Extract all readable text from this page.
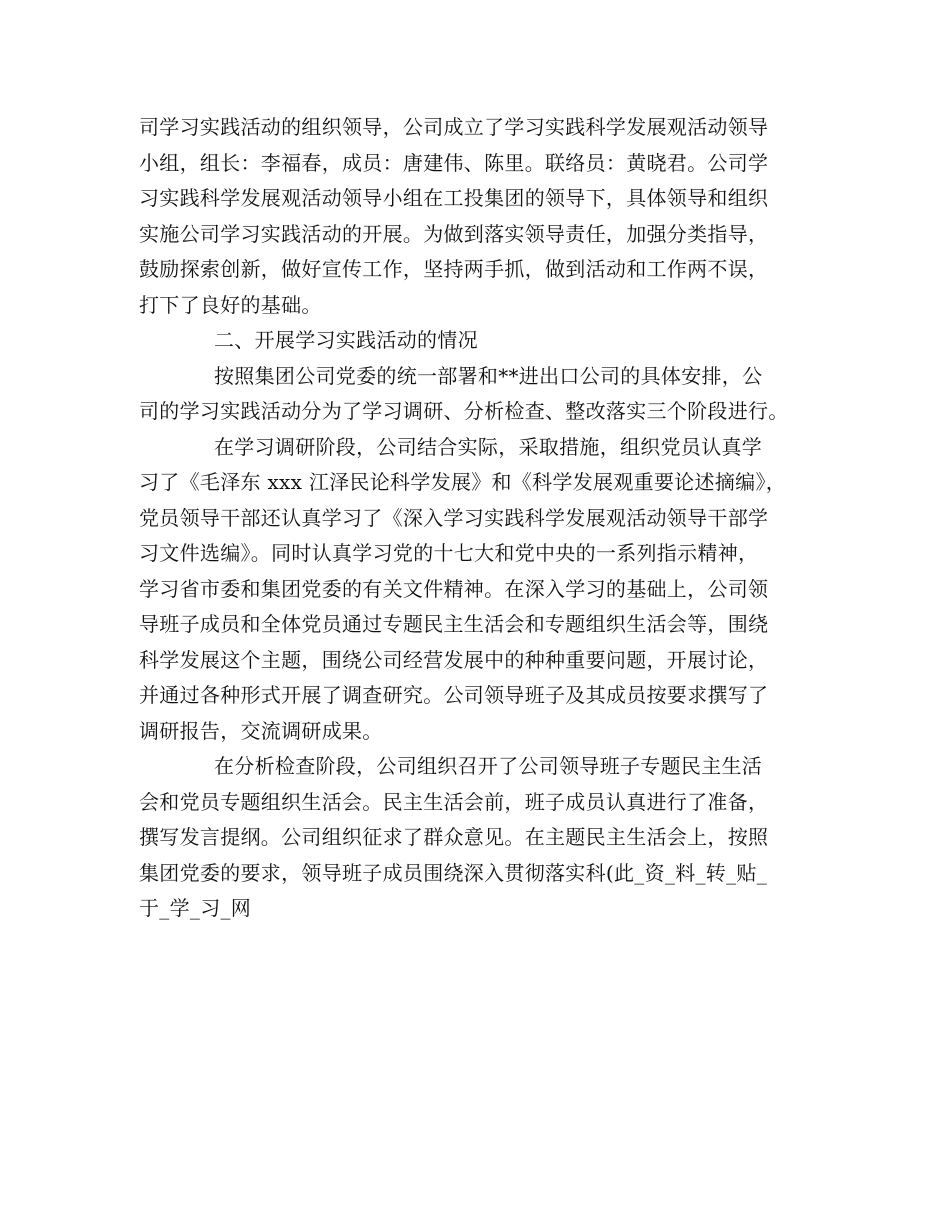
司学习实践活动的组织领导，公司成立了学习实践科学发展观活动领导
小组，组长：李福春，成员：唐建伟、陈里。联络员：黄晓君。公司学
习实践科学发展观活动领导小组在工投集团的领导下，具体领导和组织
实施公司学习实践活动的开展。为做到落实领导责任，加强分类指导，
鼓励探索创新，做好宣传工作，坚持两手抓，做到活动和工作两不误，
打下了良好的基础。
二、开展学习实践活动的情况
按照集团公司党委的统一部署和**进出口公司的具体安排，公
司的学习实践活动分为了学习调研、分析检查、整改落实三个阶段进行。
在学习调研阶段，公司结合实际，采取措施，组织党员认真学
习了《毛泽东 xxx 江泽民论科学发展》和《科学发展观重要论述摘编》，
党员领导干部还认真学习了《深入学习实践科学发展观活动领导干部学
习文件选编》。同时认真学习党的十七大和党中央的一系列指示精神，
学习省市委和集团党委的有关文件精神。在深入学习的基础上，公司领
导班子成员和全体党员通过专题民主生活会和专题组织生活会等，围绕
科学发展这个主题，围绕公司经营发展中的种种重要问题，开展讨论，
并通过各种形式开展了调查研究。公司领导班子及其成员按要求撰写了
调研报告，交流调研成果。
在分析检查阶段，公司组织召开了公司领导班子专题民主生活
会和党员专题组织生活会。民主生活会前，班子成员认真进行了准备，
撰写发言提纲。公司组织征求了群众意见。在主题民主生活会上，按照
集团党委的要求，领导班子成员围绕深入贯彻落实科(此_资_料_转_贴_
于_学_习_网
